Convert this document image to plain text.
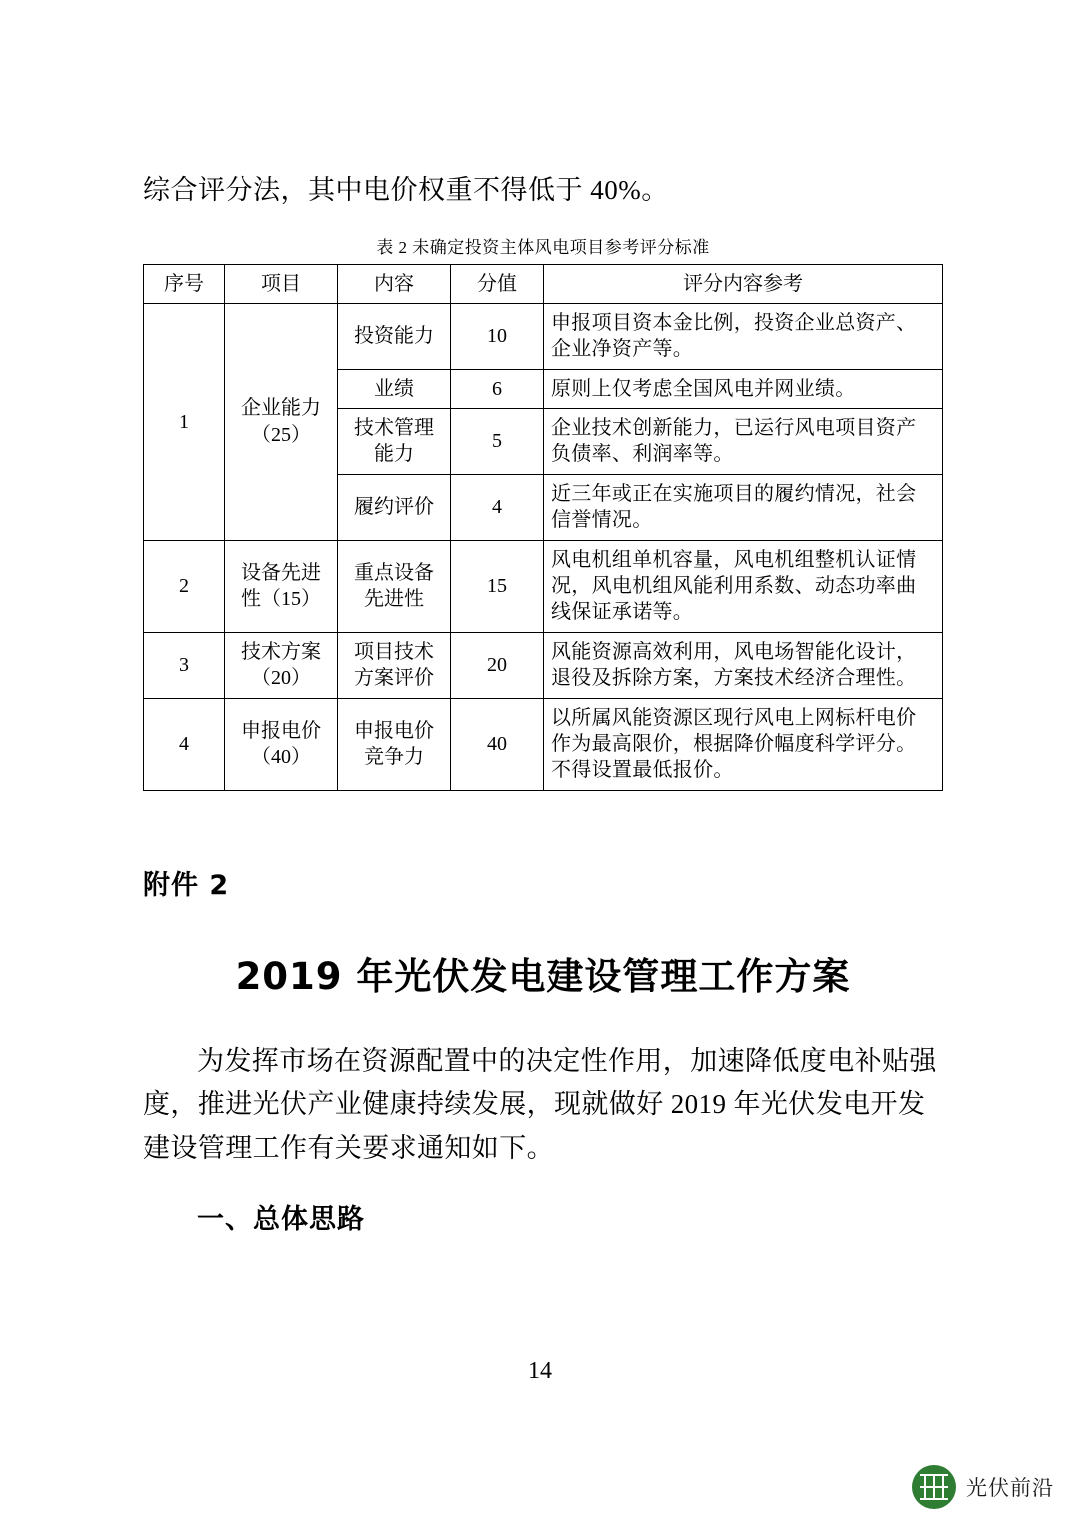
综合评分法，其中电价权重不得低于 40%。
表 2 未确定投资主体风电项目参考评分标准
序号	项目	内容	分值	评分内容参考
1	企业能力（25）	投资能力	10	申报项目资本金比例，投资企业总资产、企业净资产等。
		业绩	6	原则上仅考虑全国风电并网业绩。
		技术管理能力	5	企业技术创新能力，已运行风电项目资产负债率、利润率等。
		履约评价	4	近三年或正在实施项目的履约情况，社会信誉情况。
2	设备先进性（15）	重点设备先进性	15	风电机组单机容量，风电机组整机认证情况，风电机组风能利用系数、动态功率曲线保证承诺等。
3	技术方案（20）	项目技术方案评价	20	风能资源高效利用，风电场智能化设计，退役及拆除方案，方案技术经济合理性。
4	申报电价（40）	申报电价竞争力	40	以所属风能资源区现行风电上网标杆电价作为最高限价，根据降价幅度科学评分。不得设置最低报价。
附件 2
2019 年光伏发电建设管理工作方案
为发挥市场在资源配置中的决定性作用，加速降低度电补贴强度，推进光伏产业健康持续发展，现就做好 2019 年光伏发电开发建设管理工作有关要求通知如下。
一、总体思路
14
光伏前沿
